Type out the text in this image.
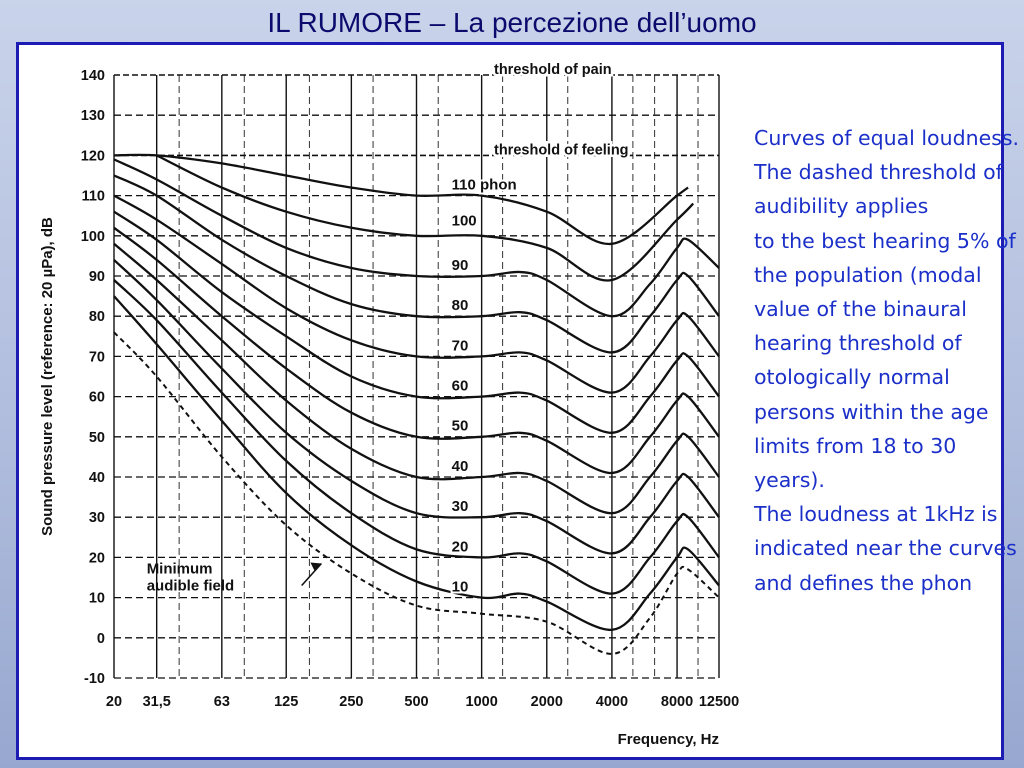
IL RUMORE – La percezione dell’uomo
threshold of pain
threshold of feeling
110 phon
100
90
80
70
60
50
40
30
20
10
Minimum
audible field
-10
0
10
20
30
40
50
60
70
80
90
100
110
120
130
140
20 31,5	63	125	250	500	1000 2000 4000 8000 12500
Frequency, Hz
Sound pressure level (reference: 20 µPa), dB
Curves of equal loudness. The dashed threshold of audibility applies
to the best hearing 5% of the population (modal value of the binaural hearing threshold of otologically normal persons within the age limits from 18 to 30 years).
The loudness at 1kHz is indicated near the curves and defines the phon
